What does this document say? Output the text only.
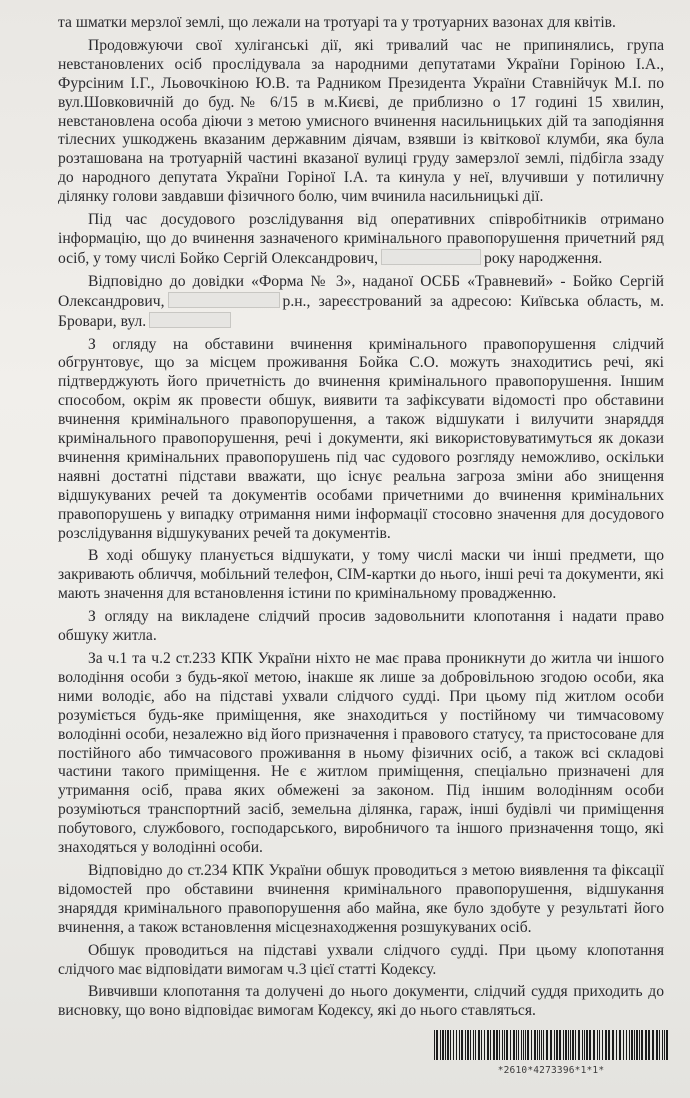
та шматки мерзлої землі, що лежали на тротуарі та у тротуарних вазонах для квітів.

Продовжуючи свої хуліганські дії, які тривалий час не припинялись, група невстановлених осіб прослідувала за народними депутатами України Горіною І.А., Фурсіним І.Г., Льовочкіною Ю.В. та Радником Президента України Ставнійчук М.І. по вул.Шовковичній до буд.№ 6/15 в м.Києві, де приблизно о 17 годині 15 хвилин, невстановлена особа діючи з метою умисного вчинення насильницьких дій та заподіяння тілесних ушкоджень вказаним державним діячам, взявши із квіткової клумби, яка була розташована на тротуарній частині вказаної вулиці груду замерзлої землі, підбігла ззаду до народного депутата України Горіної І.А. та кинула у неї, влучивши у потиличну ділянку голови завдавши фізичного болю, чим вчинила насильницькі дії.

Під час досудового розслідування від оперативних співробітників отримано інформацію, що до вчинення зазначеного кримінального правопорушення причетний ряд осіб, у тому числі Бойко Сергій Олександрович,	року народження.

Відповідно до довідки «Форма № 3», наданої ОСББ «Травневий» - Бойко Сергій Олександрович,	р.н., зареєстрований за адресою: Київська область, м. Бровари, вул.

З огляду на обставини вчинення кримінального правопорушення слідчий обгрунтовує, що за місцем проживання Бойка С.О. можуть знаходитись речі, які підтверджують його причетність до вчинення кримінального правопорушення. Іншим способом, окрім як провести обшук, виявити та зафіксувати відомості про обставини вчинення кримінального правопорушення, а також відшукати і вилучити знаряддя кримінального правопорушення, речі і документи, які використовуватимуться як докази вчинення кримінальних правопорушень під час судового розгляду неможливо, оскільки наявні достатні підстави вважати, що існує реальна загроза зміни або знищення відшукуваних речей та документів особами причетними до вчинення кримінальних правопорушень у випадку отримання ними інформації стосовно значення для досудового розслідування відшукуваних речей та документів.

В ході обшуку планується відшукати, у тому числі маски чи інші предмети, що закривають обличчя, мобільний телефон, СІМ-картки до нього, інші речі та документи, які мають значення для встановлення істини по кримінальному провадженню.

З огляду на викладене слідчий просив задовольнити клопотання і надати право обшуку житла.

За ч.1 та ч.2 ст.233 КПК України ніхто не має права проникнути до житла чи іншого володіння особи з будь-якої метою, інакше як лише за добровільною згодою особи, яка ними володіє, або на підставі ухвали слідчого судді. При цьому під житлом особи розуміється будь-яке приміщення, яке знаходиться у постійному чи тимчасовому володінні особи, незалежно від його призначення і правового статусу, та пристосоване для постійного або тимчасового проживання в ньому фізичних осіб, а також всі складові частини такого приміщення. Не є житлом приміщення, спеціально призначені для утримання осіб, права яких обмежені за законом. Під іншим володінням особи розуміються транспортний засіб, земельна ділянка, гараж, інші будівлі чи приміщення побутового, службового, господарського, виробничого та іншого призначення тощо, які знаходяться у володінні особи.

Відповідно до ст.234 КПК України обшук проводиться з метою виявлення та фіксації відомостей про обставини вчинення кримінального правопорушення, відшукання знаряддя кримінального правопорушення або майна, яке було здобуте у результаті його вчинення, а також встановлення місцезнаходження розшукуваних осіб.

Обшук проводиться на підставі ухвали слідчого судді. При цьому клопотання слідчого має відповідати вимогам ч.3 цієї статті Кодексу.

Вивчивши клопотання та долучені до нього документи, слідчий суддя приходить до висновку, що воно відповідає вимогам Кодексу, які до нього ставляться.

*2610*4273396*1*1*
